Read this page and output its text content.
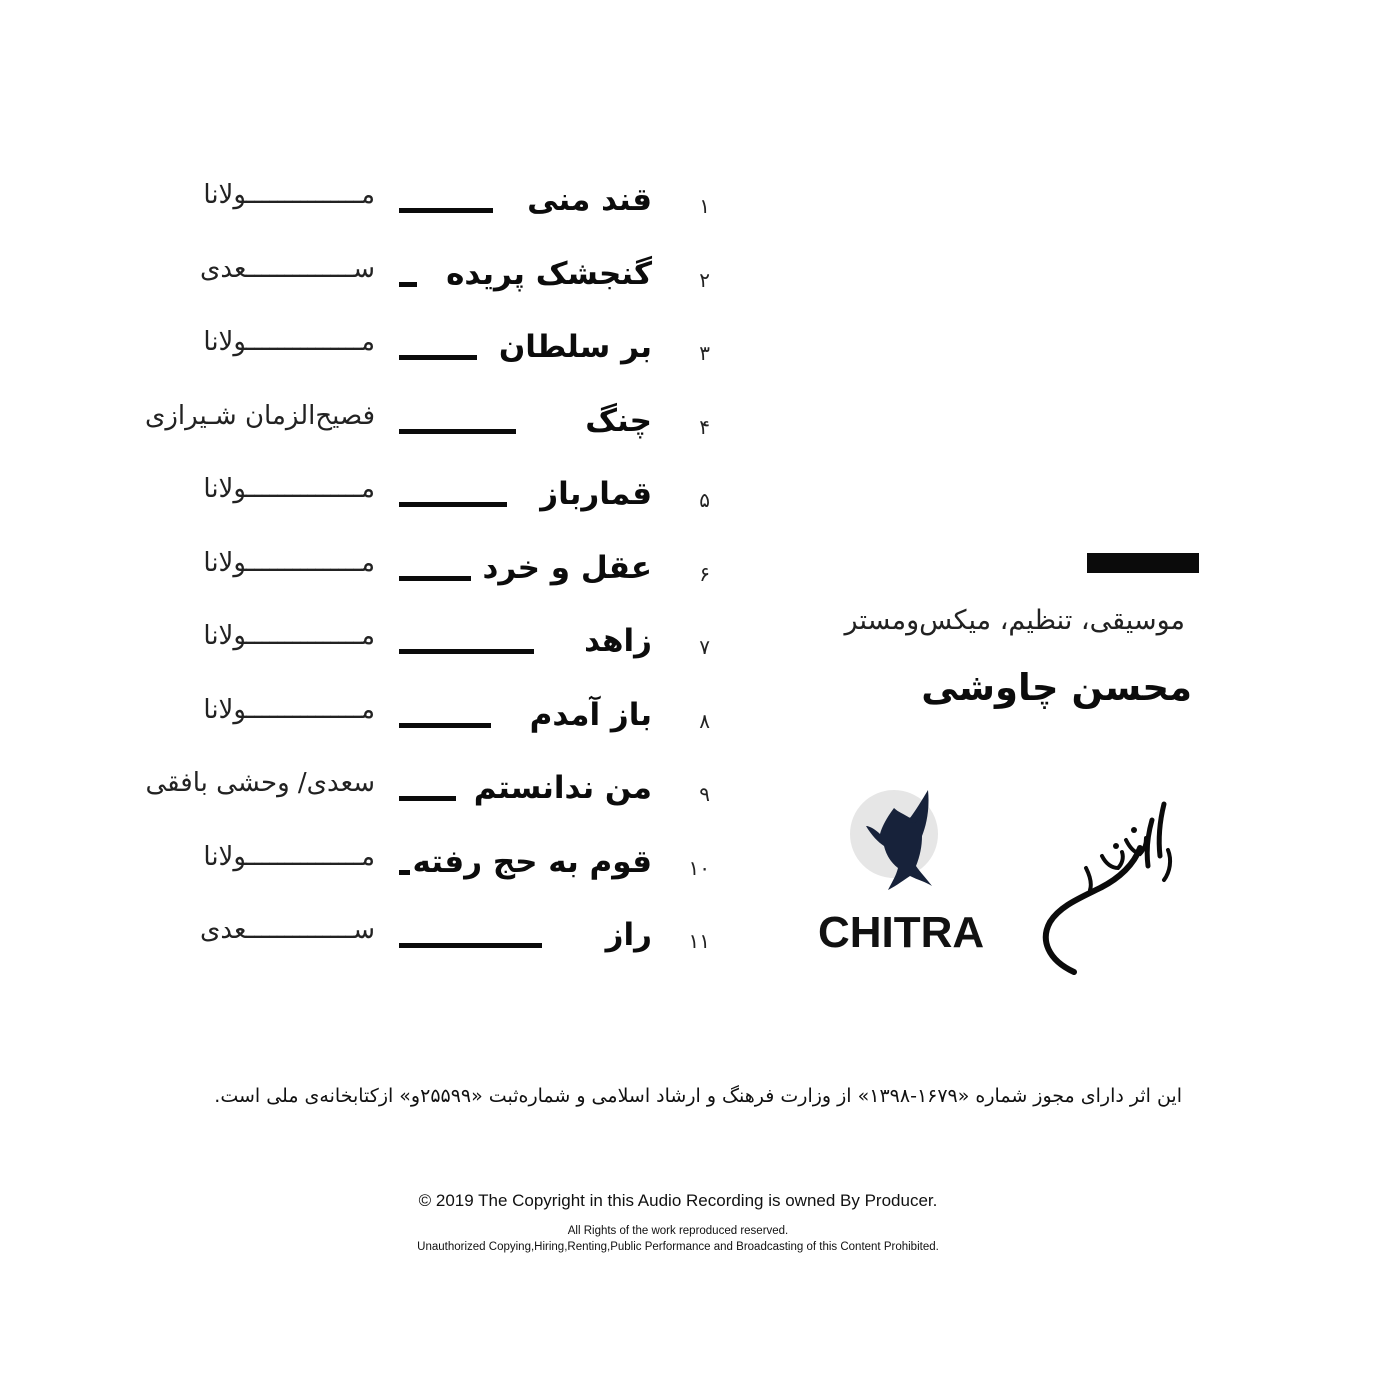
۱
قند منی
مـــــــــــــــولانا
۲
گنجشک پریده
ســــــــــــــعدی
۳
بر سلطان
مـــــــــــــــولانا
۴
چنگ
فصیح‌الزمان شـیرازی
۵
قمارباز
مـــــــــــــــولانا
۶
عقل و خرد
مـــــــــــــــولانا
۷
زاهد
مـــــــــــــــولانا
۸
باز آمدم
مـــــــــــــــولانا
۹
من ندانستم
سعدی/ وحشی بافقی
۱۰
قوم به حج رفته
مـــــــــــــــولانا
۱۱
راز
ســــــــــــــعدی
موسیقی، تنظیم، میکس‌ومستر
محسن چاوشی
CHITRA
این اثر دارای مجوز شماره «۱۶۷۹-۱۳۹۸» از وزارت فرهنگ و ارشاد اسلامی و شماره‌ثبت «۲۵۵۹۹و» ازکتابخانه‌ی ملی است.
© 2019 The Copyright in this Audio Recording is owned By Producer.
All Rights of the work reproduced reserved.
Unauthorized Copying,Hiring,Renting,Public Performance and Broadcasting of this Content Prohibited.
